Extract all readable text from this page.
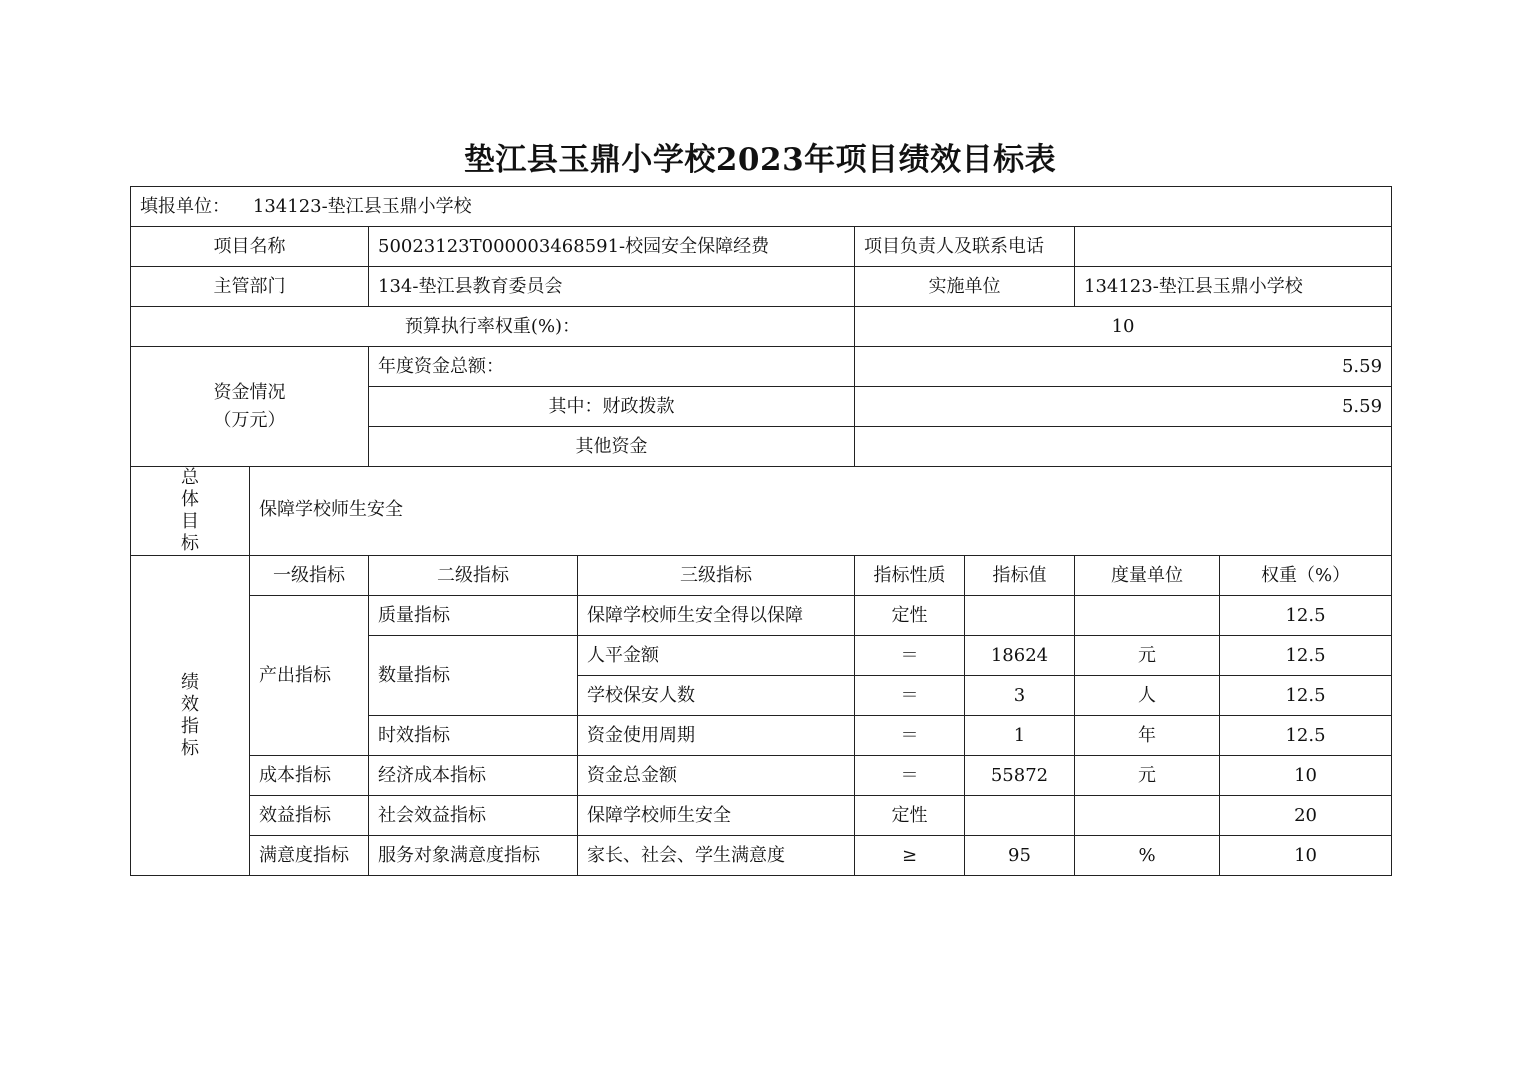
垫江县玉鼎小学校2023年项目绩效目标表
填报单位： 134123-垫江县玉鼎小学校							
项目名称		50023123T000003468591-校园安全保障经费		项目负责人及联系电话			
主管部门		134-垫江县教育委员会		实施单位		134123-垫江县玉鼎小学校	
预算执行率权重(%)：				10			

资金情况
（万元）		年度资金总额：		5.59			
		其中：财政拨款		5.59			
		其他资金					

总
体
目
标	保障学校师生安全						

绩
效
指
标	一级指标	二级指标	三级指标	指标性质	指标值	度量单位	权重（%）
	产出指标	质量指标	保障学校师生安全得以保障	定性			12.5
		数量指标	人平金额	＝	18624	元	12.5
			学校保安人数	＝	3	人	12.5
		时效指标	资金使用周期	＝	1	年	12.5
	成本指标	经济成本指标	资金总金额	＝	55872	元	10
	效益指标	社会效益指标	保障学校师生安全	定性			20
	满意度指标	服务对象满意度指标	家长、社会、学生满意度	≥	95	%	10
